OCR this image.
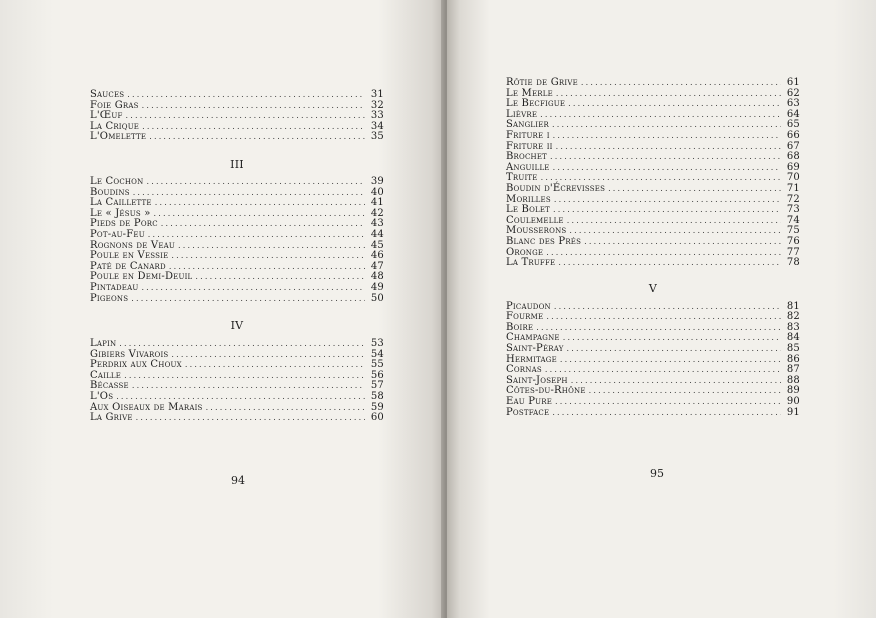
Sauces .....	31
Foie Gras .....	32
L'Œuf .....	33
La Crique .....	34
L'Omelette .....	35
III
Le Cochon .....	39
Boudins .....	40
La Caillette .....	41
Le « Jésus » .....	42
Pieds de Porc .....	43
Pot-au-Feu .....	44
Rognons de Veau .....	45
Poule en Vessie .....	46
Paté de Canard .....	47
Poule en Demi-Deuil .....	48
Pintadeau .....	49
Pigeons .....	50
IV
Lapin .....	53
Gibiers Vivarois .....	54
Perdrix aux Choux .....	55
Caille .....	56
Bécasse .....	57
L'Os .....	58
Aux Oiseaux de Marais .....	59
La Grive .....	60
94
Rôtie de Grive .....	61
Le Merle .....	62
Le Becfigue .....	63
Lièvre .....	64
Sanglier .....	65
Friture i .....	66
Friture ii .....	67
Brochet .....	68
Anguille .....	69
Truite .....	70
Boudin d'Écrevisses .....	71
Morilles .....	72
Le Bolet .....	73
Coulemelle .....	74
Mousserons .....	75
Blanc des Prés .....	76
Oronge .....	77
La Truffe .....	78
V
Picaudon .....	81
Fourme .....	82
Boire .....	83
Champagne .....	84
Saint-Péray .....	85
Hermitage .....	86
Cornas .....	87
Saint-Joseph .....	88
Côtes-du-Rhône .....	89
Eau Pure .....	90
Postface .....	91
95
